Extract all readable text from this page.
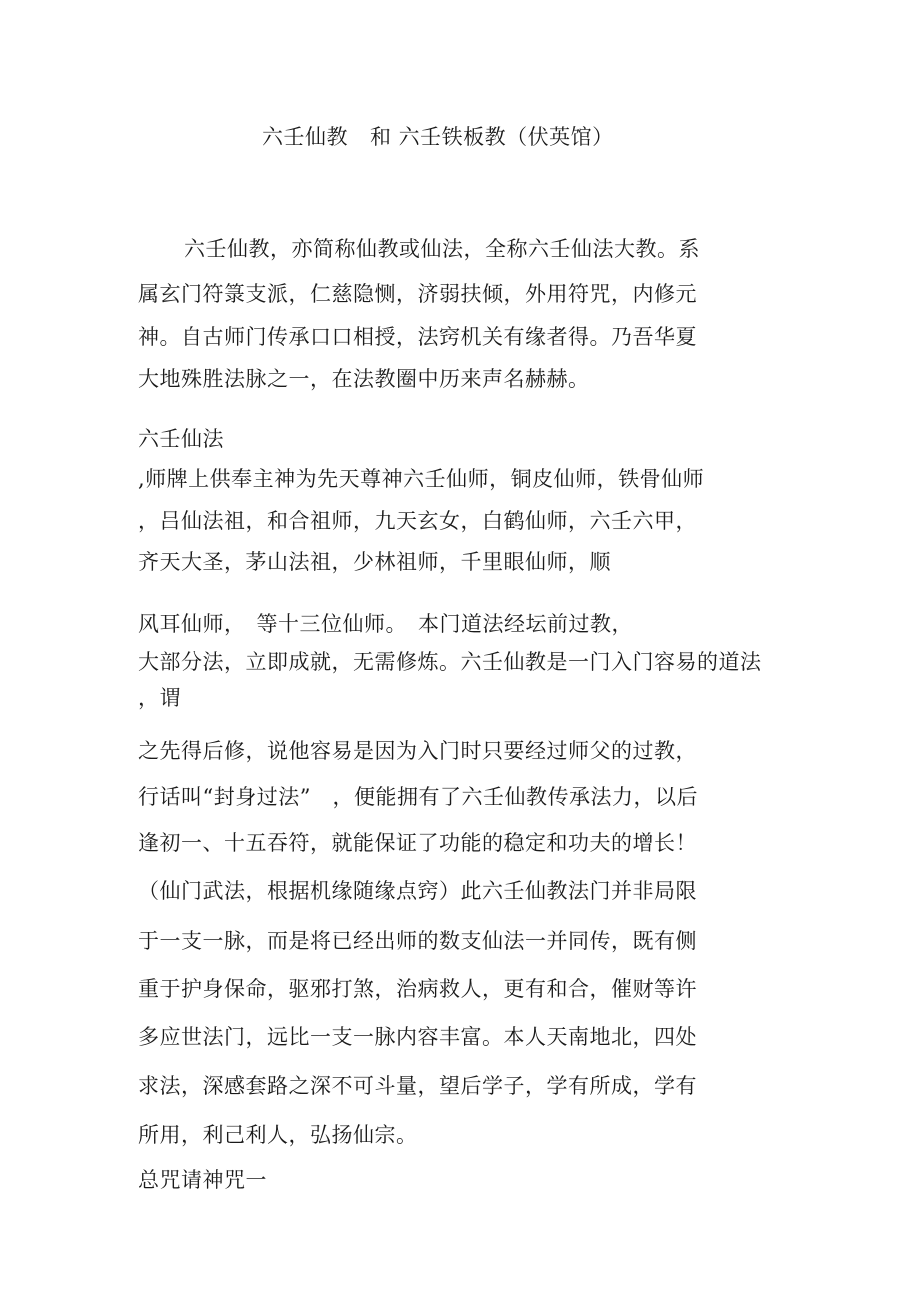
六壬仙教 和 六壬铁板教（伏英馆）
六壬仙教，亦简称仙教或仙法，全称六壬仙法大教。系
属玄门符箓支派，仁慈隐恻，济弱扶倾，外用符咒，内修元
神。自古师门传承口口相授，法窍机关有缘者得。乃吾华夏
大地殊胜法脉之一，在法教圈中历来声名赫赫。
六壬仙法
,师牌上供奉主神为先天尊神六壬仙师，铜皮仙师，铁骨仙师
，吕仙法祖，和合祖师，九天玄女，白鹤仙师，六壬六甲，
齐天大圣，茅山法祖，少林祖师，千里眼仙师，顺
风耳仙师，　等十三位仙师。　本门道法经坛前过教，
大部分法，立即成就，无需修炼。六壬仙教是一门入门容易的道法
，谓
之先得后修，说他容易是因为入门时只要经过师父的过教，
行话叫“封身过法”　，便能拥有了六壬仙教传承法力，以后
逢初一、十五吞符，就能保证了功能的稳定和功夫的增长！
（仙门武法，根据机缘随缘点窍）此六壬仙教法门并非局限
于一支一脉，而是将已经出师的数支仙法一并同传，既有侧
重于护身保命，驱邪打煞，治病救人，更有和合，催财等许
多应世法门，远比一支一脉内容丰富。本人天南地北，四处
求法，深感套路之深不可斗量，望后学子，学有所成，学有
所用，利己利人，弘扬仙宗。
总咒请神咒一
